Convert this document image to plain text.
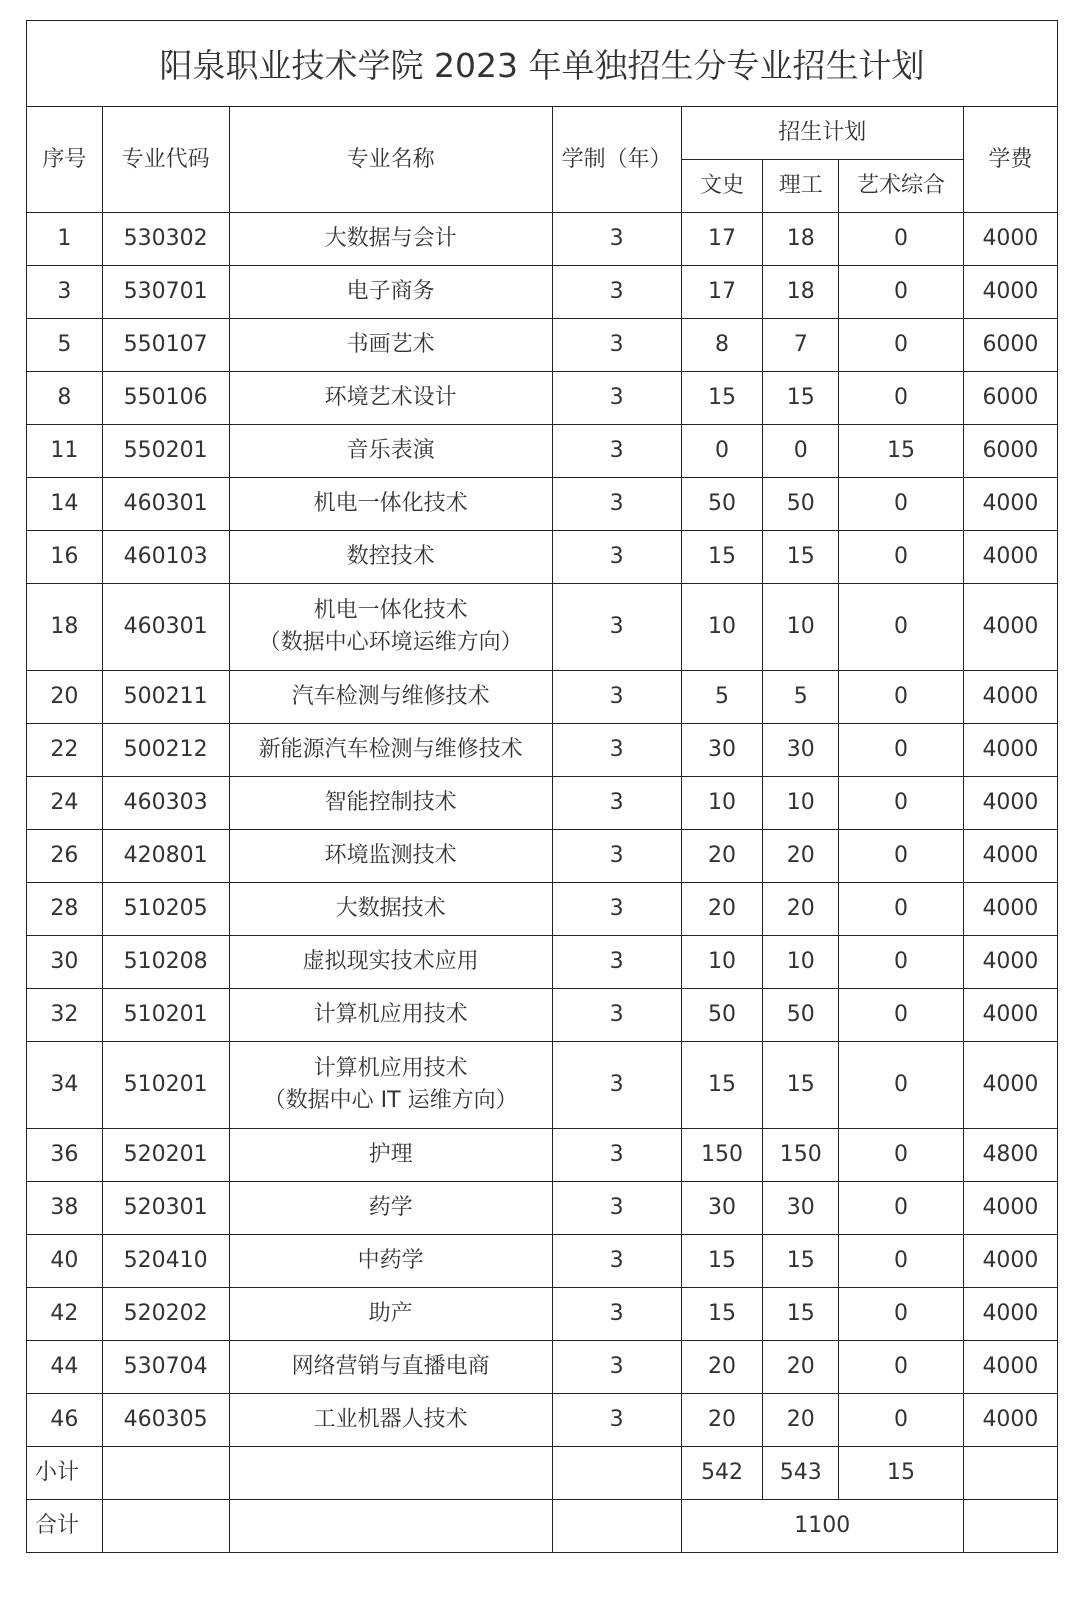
阳泉职业技术学院 2023 年单独招生分专业招生计划
序号	专业代码	专业名称	学制（年）	招生计划			学费
				文史	理工	艺术综合	
1	530302	大数据与会计	3	17	18	0	4000
3	530701	电子商务	3	17	18	0	4000
5	550107	书画艺术	3	8	7	0	6000
8	550106	环境艺术设计	3	15	15	0	6000
11	550201	音乐表演	3	0	0	15	6000
14	460301	机电一体化技术	3	50	50	0	4000
16	460103	数控技术	3	15	15	0	4000
18	460301	机电一体化技术
（数据中心环境运维方向）	3	10	10	0	4000
20	500211	汽车检测与维修技术	3	5	5	0	4000
22	500212	新能源汽车检测与维修技术	3	30	30	0	4000
24	460303	智能控制技术	3	10	10	0	4000
26	420801	环境监测技术	3	20	20	0	4000
28	510205	大数据技术	3	20	20	0	4000
30	510208	虚拟现实技术应用	3	10	10	0	4000
32	510201	计算机应用技术	3	50	50	0	4000
34	510201	计算机应用技术
（数据中心 IT 运维方向）	3	15	15	0	4000
36	520201	护理	3	150	150	0	4800
38	520301	药学	3	30	30	0	4000
40	520410	中药学	3	15	15	0	4000
42	520202	助产	3	15	15	0	4000
44	530704	网络营销与直播电商	3	20	20	0	4000
46	460305	工业机器人技术	3	20	20	0	4000
小计				542	543	15	
合计				1100			
